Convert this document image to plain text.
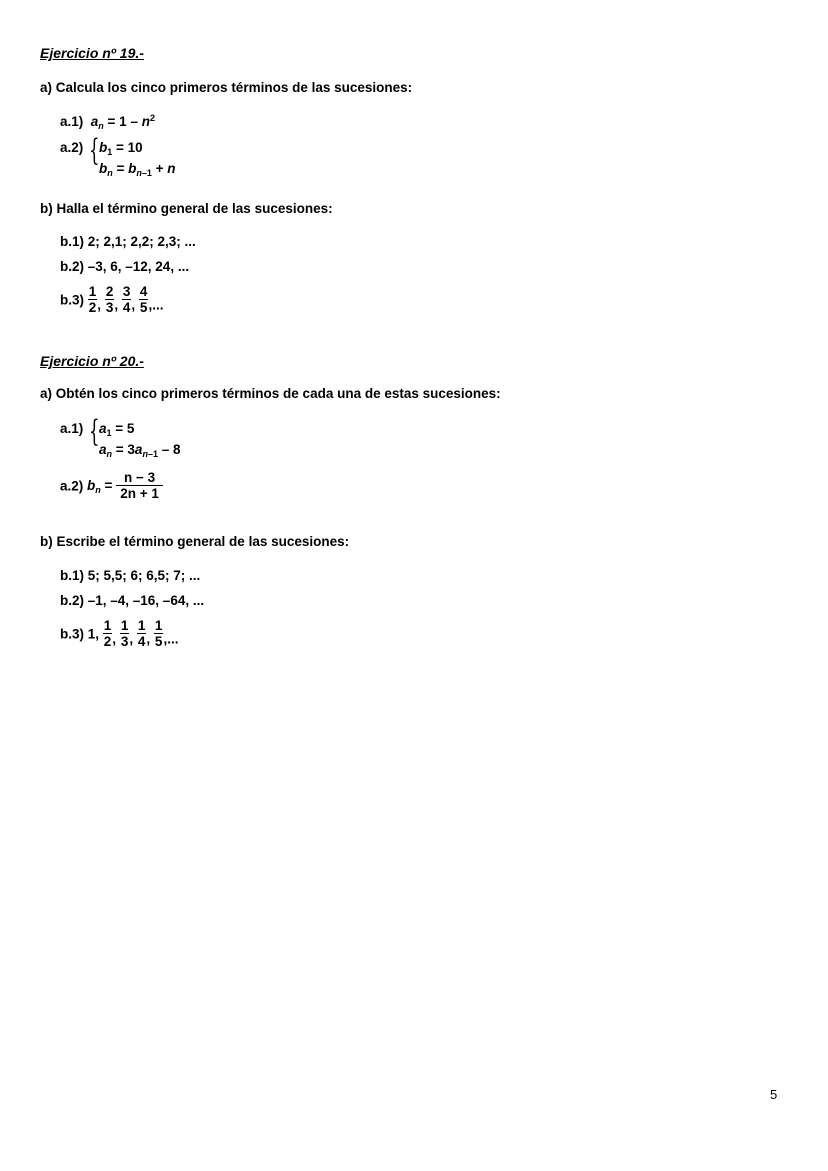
Ejercicio nº 19.-
a) Calcula los cinco primeros términos de las sucesiones:
a.1) $a_n = 1 - n^2$
a.2) { $b_1 = 10$
$b_n = b_{n-1} + n$
b) Halla el término general de las sucesiones:
b.1) 2; 2,1; 2,2; 2,3; ...
b.2) –3, 6, –12, 24, ...
$b.3) \frac{1}{2}$ , $\frac{2}{3}$ , $\frac{3}{4}$ , $\frac{4}{5}$ ,...
Ejercicio nº 20.-
a) Obtén los cinco primeros términos de cada una de estas sucesiones:
a.1) { $a_1 = 5$
$a_n = 3a_{n-1} - 8$
a.2) $b_n = \frac{n - 3}{2n + 1}$
b) Escribe el término general de las sucesiones:
b.1) 5; 5,5; 6; 6,5; 7; ...
b.2) –1, –4, –16, –64, ...
b.3) 1, $\frac{1}{2}$ , $\frac{1}{3}$ , $\frac{1}{4}$ , $\frac{1}{5}$ ,...
5
